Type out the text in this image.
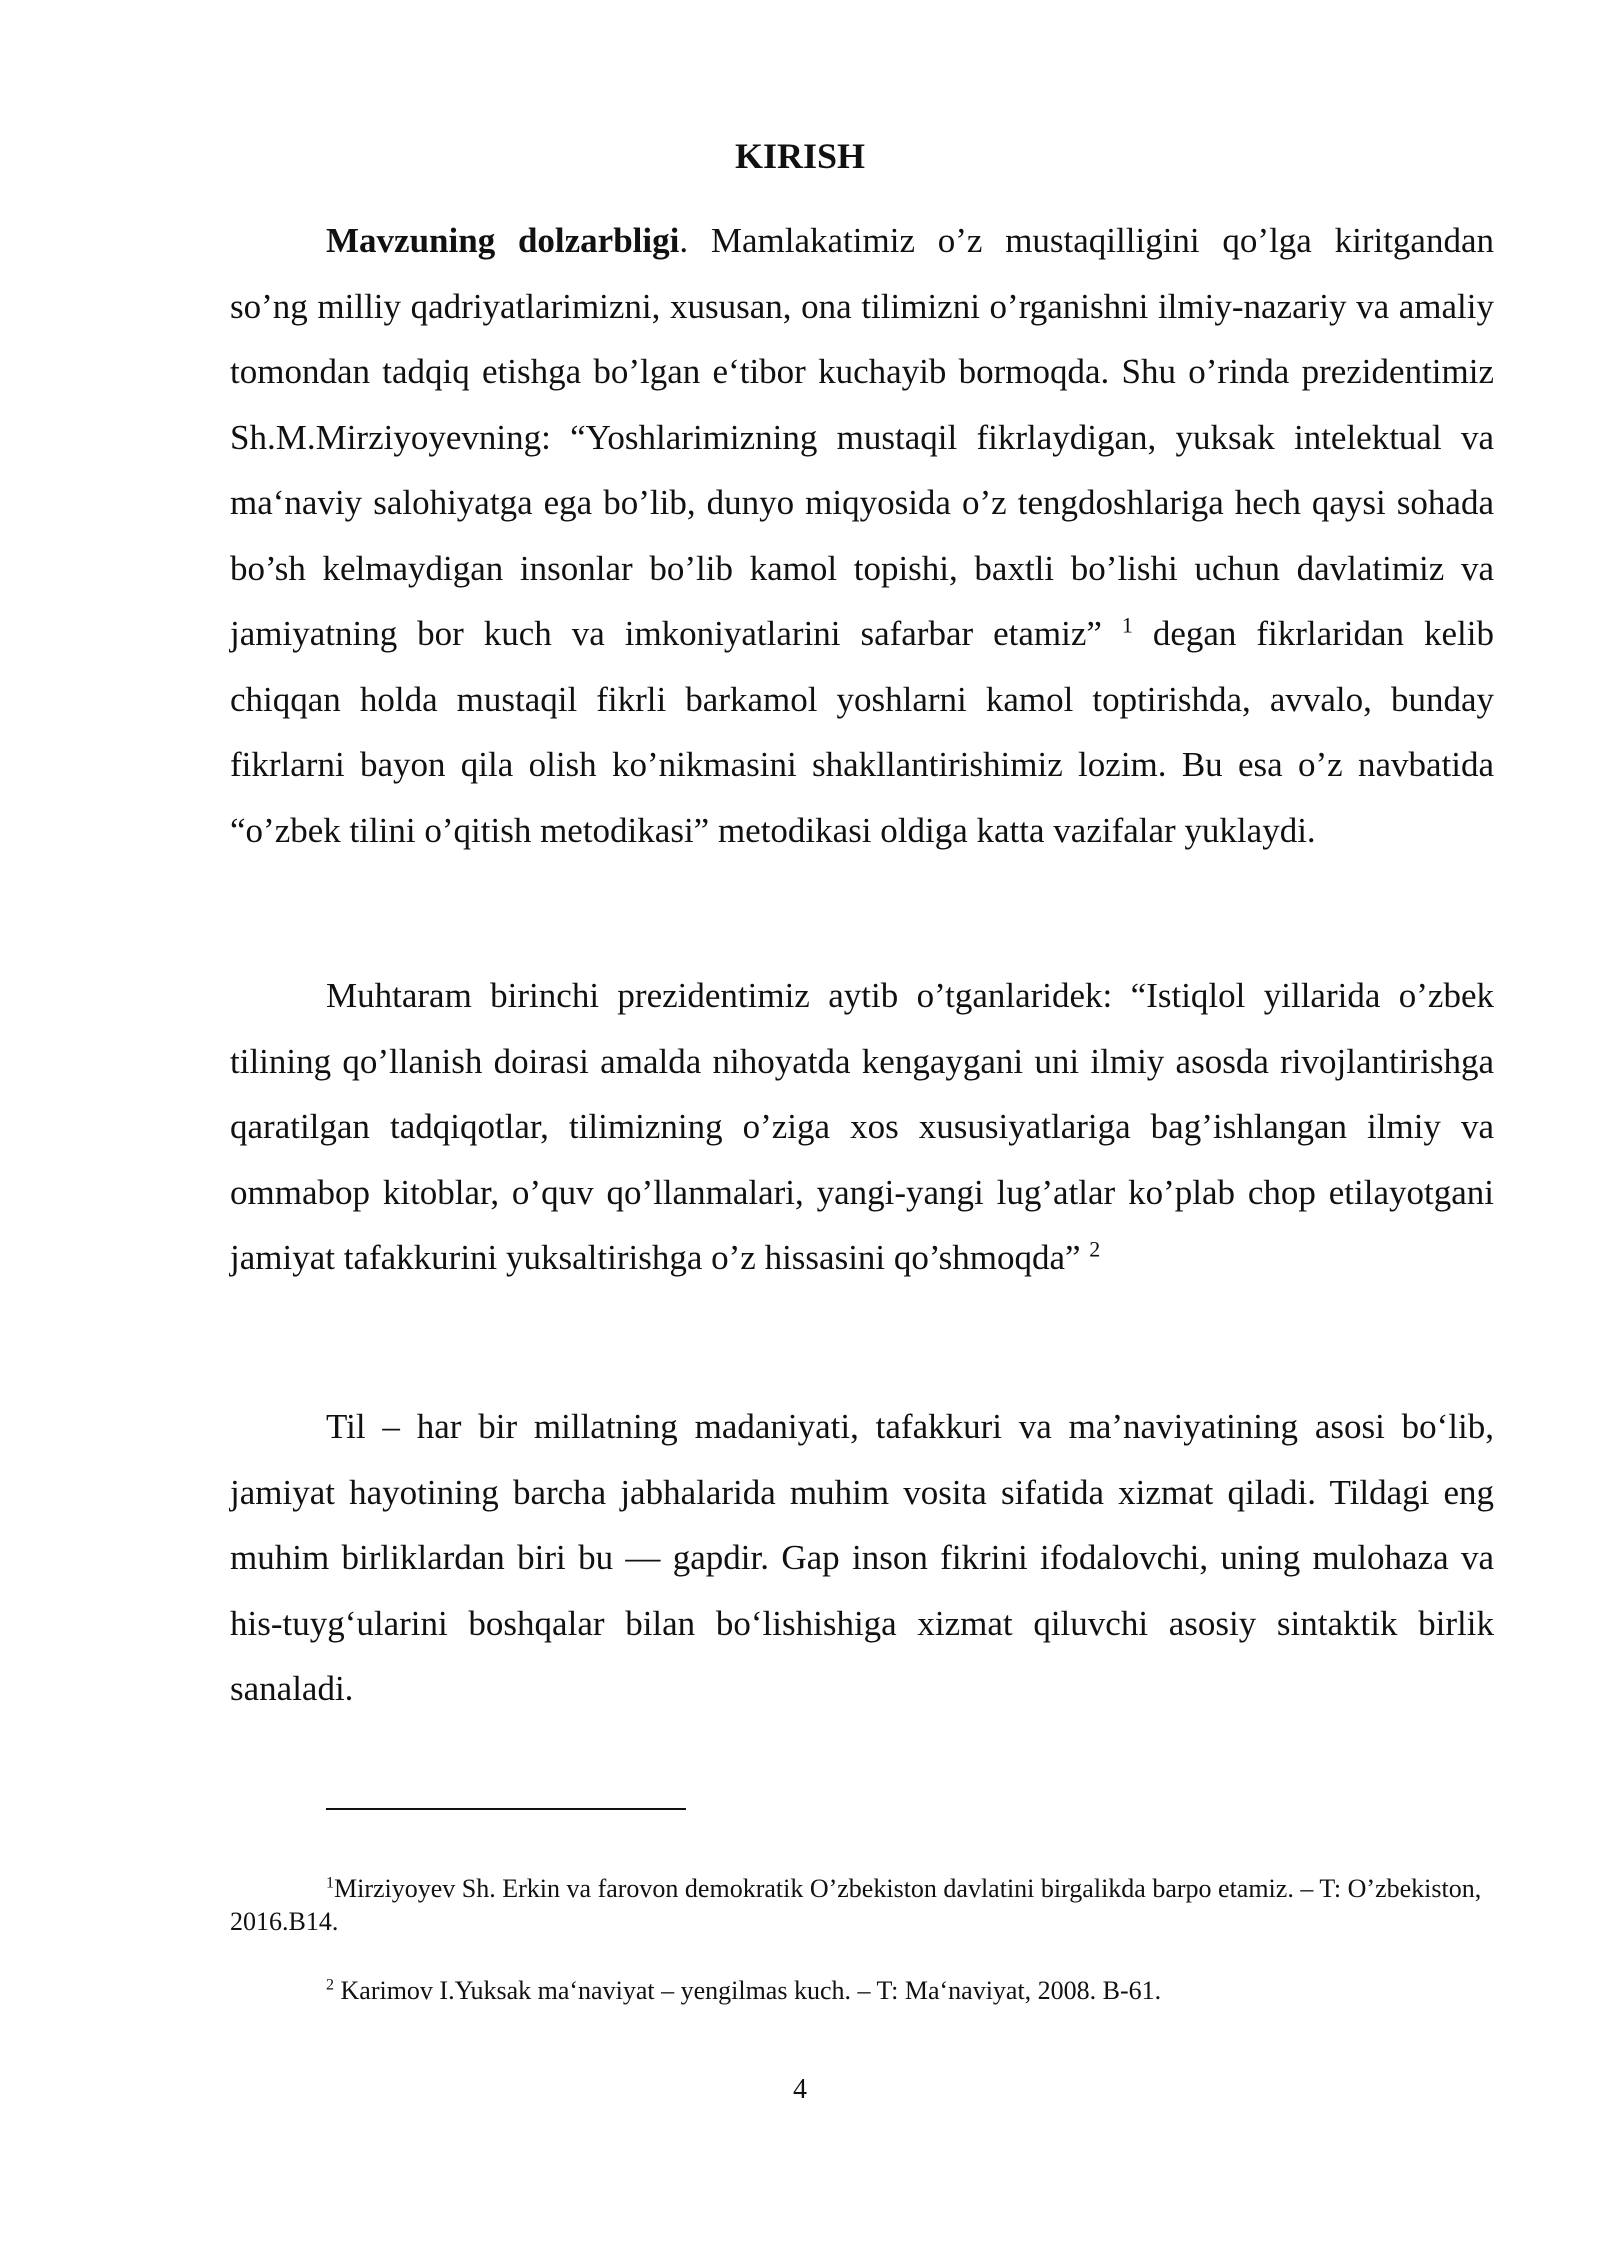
KIRISH

Mavzuning dolzarbligi. Mamlakatimiz o’z mustaqilligini qo’lga kiritgandan so’ng milliy qadriyatlarimizni, xususan, ona tilimizni o’rganishni ilmiy-nazariy va amaliy tomondan tadqiq etishga bo’lgan e‘tibor kuchayib bormoqda. Shu o’rinda prezidentimiz Sh.M.Mirziyoyevning: “Yoshlarimizning mustaqil fikrlaydigan, yuksak intelektual va ma‘naviy salohiyatga ega bo’lib, dunyo miqyosida o’z tengdoshlariga hech qaysi sohada bo’sh kelmaydigan insonlar bo’lib kamol topishi, baxtli bo’lishi uchun davlatimiz va jamiyatning bor kuch va imkoniyatlarini safarbar etamiz” $^1$ degan fikrlaridan kelib chiqqan holda mustaqil fikrli barkamol yoshlarni kamol toptirishda, avvalo, bunday fikrlarni bayon qila olish ko’nikmasini shakllantirishimiz lozim. Bu esa o’z navbatida “o’zbek tilini o’qitish metodikasi” metodikasi oldiga katta vazifalar yuklaydi.

Muhtaram birinchi prezidentimiz aytib o’tganlaridek: “Istiqlol yillarida o’zbek tilining qo’llanish doirasi amalda nihoyatda kengaygani uni ilmiy asosda rivojlantirishga qaratilgan tadqiqotlar, tilimizning o’ziga xos xususiyatlariga bag’ishlangan ilmiy va ommabop kitoblar, o’quv qo’llanmalari, yangi-yangi lug’atlar ko’plab chop etilayotgani jamiyat tafakkurini yuksaltirishga o’z hissasini qo’shmoqda” $^2$

Til – har bir millatning madaniyati, tafakkuri va ma’naviyatining asosi bo‘lib, jamiyat hayotining barcha jabhalarida muhim vosita sifatida xizmat qiladi. Tildagi eng muhim birliklardan biri bu — gapdir. Gap inson fikrini ifodalovchi, uning mulohaza va his-tuyg‘ularini boshqalar bilan bo‘lishishiga xizmat qiluvchi asosiy sintaktik birlik sanaladi.

$^1$Mirziyoyev Sh. Erkin va farovon demokratik O’zbekiston davlatini birgalikda barpo etamiz. – T: O’zbekiston, 2016.B14.

$^2$ Karimov I.Yuksak ma‘naviyat – yengilmas kuch. – T: Ma‘naviyat, 2008. B-61.

4
